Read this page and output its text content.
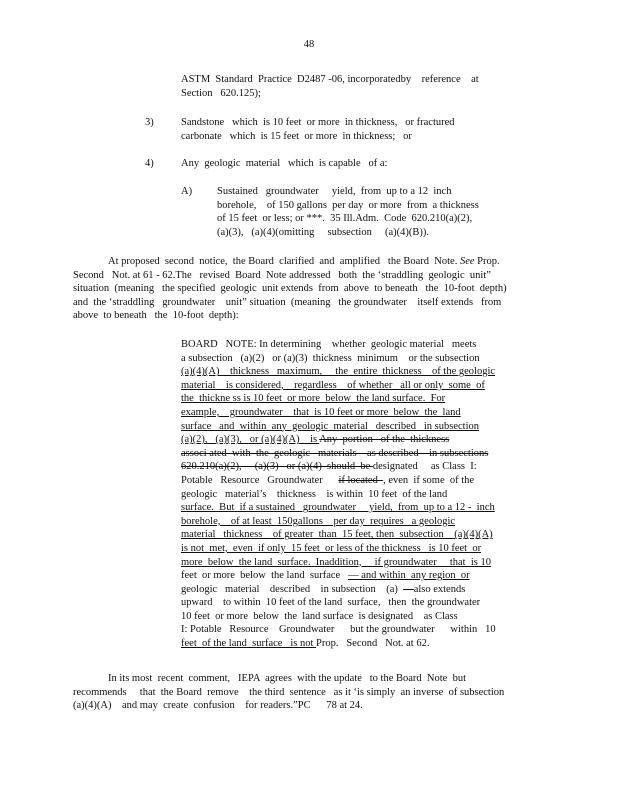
48
ASTM  Standard  Practice  D2487 -06, incorporatedby    reference    at
Section   620.125);
3)	Sandstone   which  is 10 feet  or more  in thickness,   or fractured
carbonate   which  is 15 feet  or more  in thickness;   or
4)	Any  geologic  material   which  is capable   of a:
A) Sustained   groundwater     yield,  from  up to a 12  inch
borehole,    of 150 gallons  per day  or more  from  a thickness
of 15 feet  or less; or ***.  35 Ill.Adm.  Code  620.210(a)(2),
(a)(3),   (a)(4)(omitting     subsection     (a)(4)(B)).
At proposed  second  notice,  the Board  clarified  and  amplified   the Board  Note. See Prop.
Second   Not. at 61 - 62.The   revised  Board  Note addressed   both  the ‘straddling  geologic  unit”
situation  (meaning   the specified  geologic  unit extends  from  above  to beneath   the  10-foot  depth)
and  the ‘straddling   groundwater    unit” situation  (meaning   the groundwater    itself extends   from
above  to beneath   the  10-foot  depth):
BOARD   NOTE: In determining    whether  geologic material   meets
a subsection   (a)(2)   or (a)(3)  thickness  minimum    or the subsection
(a)(4)(A)    thickness   maximum,     the  entire  thickness    of the geologic
material    is considered,    regardless    of whether   all or only  some  of
the  thickne ss is 10 feet  or more  below  the land surface.  For
example,    groundwater    that  is 10 feet or more  below  the  land
surface   and  within  any  geologic  material   described   in subsection
(a)(2),   (a)(3),   or (a)(4)(A)    is Any  portion   of the  thickness
associ ated  with  the  geologic   materials    as described    in subsections
620.210(a)(2),     (a)(3)   or (a)(4)  should  be designated     as Class  I:
Potable   Resource   Groundwater      if located  , even  if some  of the
geologic   material’s    thickness    is within  10 feet  of the land
surface.  But  if a sustained   groundwater     yield,  from  up to a 12 -  inch
borehole,    of at least  150gallons    per day  requires   a geologic
material   thickness    of greater  than  15 feet, then  subsection    (a)(4)(A)
is not  met,  even  if only  15 feet  or less of the thickness   is 10 feet  or
more  below  the land  surface.  Inaddition,     if groundwater     that  is 10
feet  or more  below  the land  surface   — and within  any region  or
geologic   material    described    in subsection    (a)  —also extends
upward    to within  10 feet of the land  surface,   then  the groundwater
10 feet  or more  below  the  land surface  is designated    as Class
I: Potable   Resource    Groundwater      but the groundwater      within   10
feet  of the land  surface   is not Prop.   Second   Not. at 62.
In its most  recent  comment,   IEPA  agrees  with the update   to the Board  Note  but
recommends     that  the Board  remove    the third  sentence   as it ‘is simply  an inverse  of subsection
(a)(4)(A)    and may  create  confusion    for readers.”PC      78 at 24.
